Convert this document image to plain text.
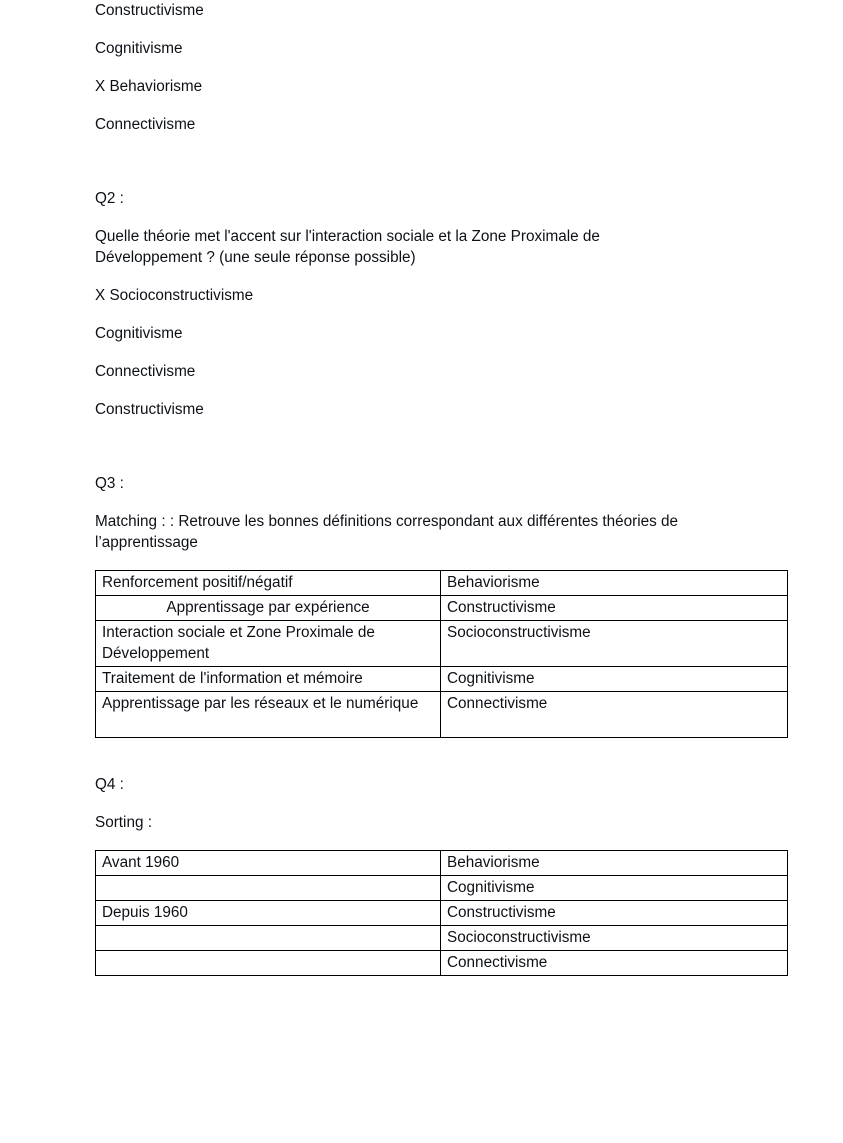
Constructivisme

Cognitivisme

X Behaviorisme

Connectivisme

Q2 :

Quelle théorie met l'accent sur l'interaction sociale et la Zone Proximale de

Développement ? (une seule réponse possible)

X Socioconstructivisme

Cognitivisme

Connectivisme

Constructivisme

Q3 :

Matching : : Retrouve les bonnes définitions correspondant aux différentes théories de

l’apprentissage

Renforcement positif/négatif	Behaviorisme
Apprentissage par expérience	Constructivisme
Interaction sociale et Zone Proximale de Développement	Socioconstructivisme
Traitement de l'information et mémoire	Cognitivisme
Apprentissage par les réseaux et le numérique	Connectivisme

Q4 :

Sorting :

Avant 1960	Behaviorisme
	Cognitivisme
Depuis 1960	Constructivisme
	Socioconstructivisme
	Connectivisme
